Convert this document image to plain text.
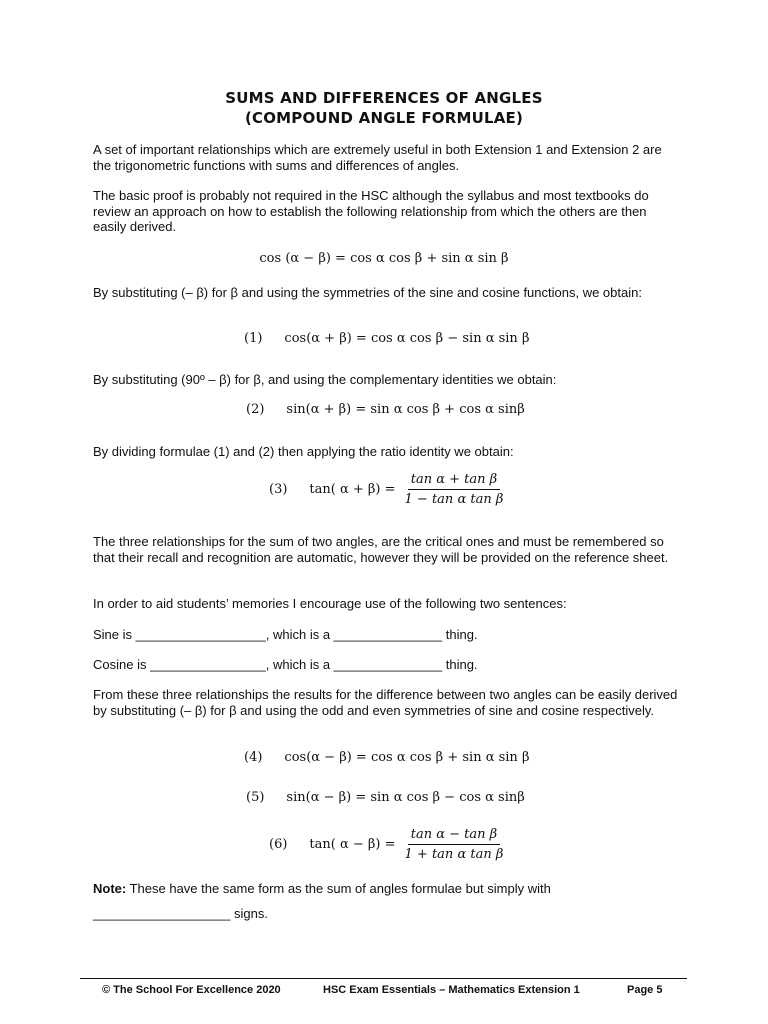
SUMS AND DIFFERENCES OF ANGLES
(COMPOUND ANGLE FORMULAE)
A set of important relationships which are extremely useful in both Extension 1 and Extension 2 are the trigonometric functions with sums and differences of angles.
The basic proof is probably not required in the HSC although the syllabus and most textbooks do review an approach on how to establish the following relationship from which the others are then easily derived.
cos (α − β) = cos α cos β + sin α sin β
By substituting (– β) for β and using the symmetries of the sine and cosine functions, we obtain:
(1) cos(α + β) = cos α cos β − sin α sin β
By substituting (90º – β) for β, and using the complementary identities we obtain:
(2) sin(α + β) = sin α cos β + cos α sinβ
By dividing formulae (1) and (2) then applying the ratio identity we obtain:
(3) tan( $\alpha + \beta) = \frac{\text{tan α + tan β}}{\text{1 − tan α tan β}}$
The three relationships for the sum of two angles, are the critical ones and must be remembered so that their recall and recognition are automatic, however they will be provided on the reference sheet.
In order to aid students’ memories I encourage use of the following two sentences:
Sine is __________________, which is a _______________ thing.
Cosine is ________________, which is a _______________ thing.
From these three relationships the results for the difference between two angles can be easily derived by substituting (– β) for β and using the odd and even symmetries of sine and cosine respectively.
(4) cos(α − β) = cos α cos β + sin α sin β
(5) sin(α − β) = sin α cos β − cos α sinβ
(6) tan( $\alpha - \beta) = \frac{\text{tan α − tan β}}{\text{1 + tan α tan β}}$
Note: These have the same form as the sum of angles formulae but simply with
___________________ signs.
© The School For Excellence 2020	HSC Exam Essentials – Mathematics Extension 1	Page 5
